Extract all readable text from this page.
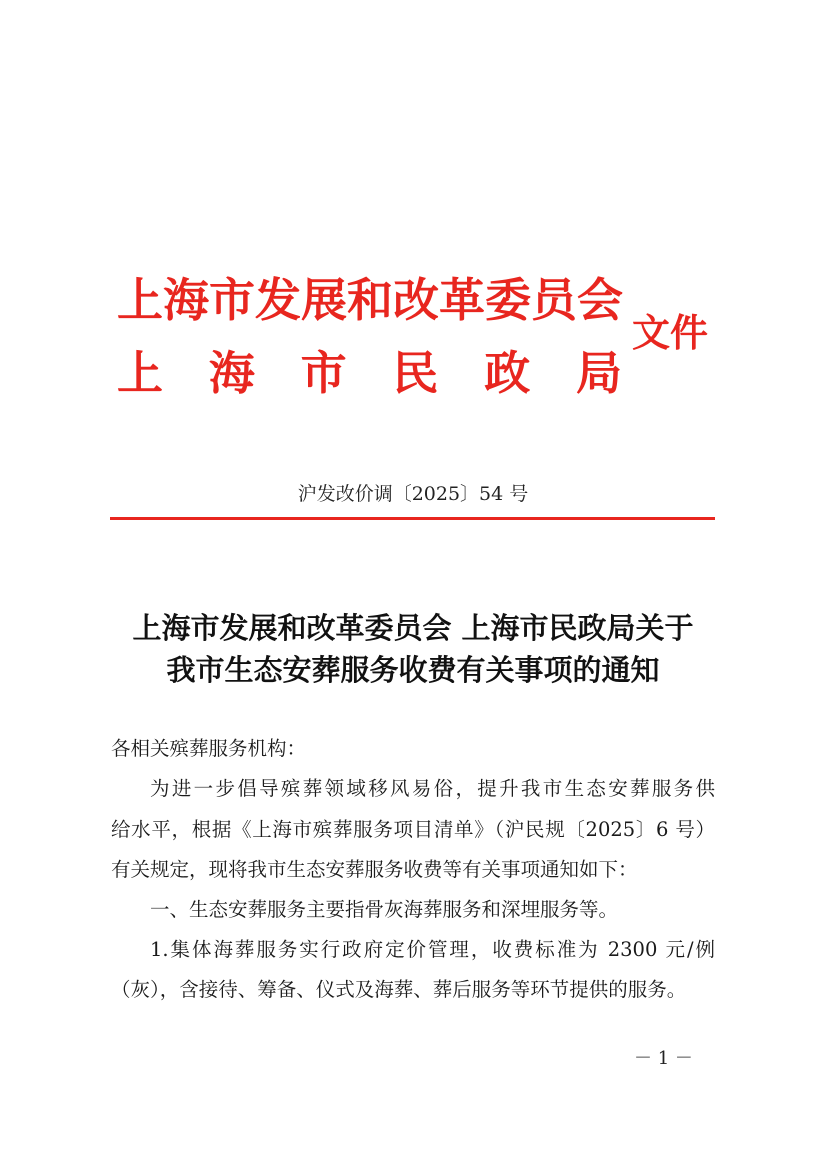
上海市发展和改革委员会
上 海 市 民 政 局
文件
沪发改价调〔2025〕54 号
上海市发展和改革委员会 上海市民政局关于
我市生态安葬服务收费有关事项的通知
各相关殡葬服务机构：
为进一步倡导殡葬领域移风易俗，提升我市生态安葬服务供
给水平，根据《上海市殡葬服务项目清单》（沪民规〔2025〕6 号）
有关规定，现将我市生态安葬服务收费等有关事项通知如下：
一、生态安葬服务主要指骨灰海葬服务和深埋服务等。
1.集体海葬服务实行政府定价管理，收费标准为 2300 元/例
（灰），含接待、筹备、仪式及海葬、葬后服务等环节提供的服务。
－ 1 －
